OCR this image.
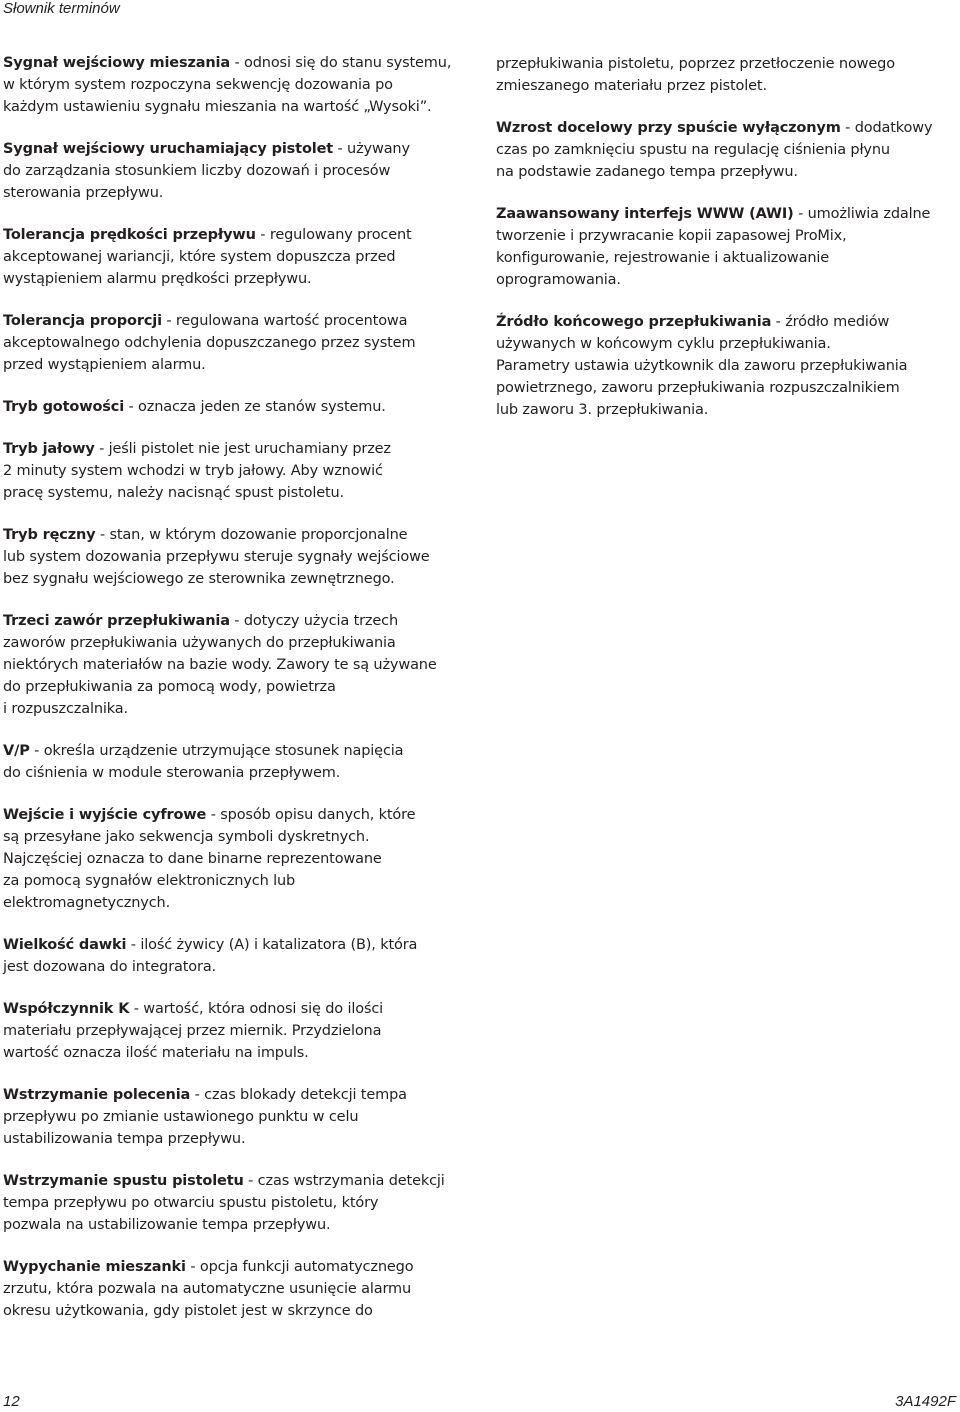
Słownik terminów

Sygnał wejściowy mieszania - odnosi się do stanu systemu,
w którym system rozpoczyna sekwencję dozowania po
każdym ustawieniu sygnału mieszania na wartość „Wysoki”.

Sygnał wejściowy uruchamiający pistolet - używany
do zarządzania stosunkiem liczby dozowań i procesów
sterowania przepływu.

Tolerancja prędkości przepływu - regulowany procent
akceptowanej wariancji, które system dopuszcza przed
wystąpieniem alarmu prędkości przepływu.

Tolerancja proporcji - regulowana wartość procentowa
akceptowalnego odchylenia dopuszczanego przez system
przed wystąpieniem alarmu.

Tryb gotowości - oznacza jeden ze stanów systemu.

Tryb jałowy - jeśli pistolet nie jest uruchamiany przez
2 minuty system wchodzi w tryb jałowy. Aby wznowić
pracę systemu, należy nacisnąć spust pistoletu.

Tryb ręczny - stan, w którym dozowanie proporcjonalne
lub system dozowania przepływu steruje sygnały wejściowe
bez sygnału wejściowego ze sterownika zewnętrznego.

Trzeci zawór przepłukiwania - dotyczy użycia trzech
zaworów przepłukiwania używanych do przepłukiwania
niektórych materiałów na bazie wody. Zawory te są używane
do przepłukiwania za pomocą wody, powietrza
i rozpuszczalnika.

V/P - określa urządzenie utrzymujące stosunek napięcia
do ciśnienia w module sterowania przepływem.

Wejście i wyjście cyfrowe - sposób opisu danych, które
są przesyłane jako sekwencja symboli dyskretnych.
Najczęściej oznacza to dane binarne reprezentowane
za pomocą sygnałów elektronicznych lub
elektromagnetycznych.

Wielkość dawki - ilość żywicy (A) i katalizatora (B), która
jest dozowana do integratora.

Współczynnik K - wartość, która odnosi się do ilości
materiału przepływającej przez miernik. Przydzielona
wartość oznacza ilość materiału na impuls.

Wstrzymanie polecenia - czas blokady detekcji tempa
przepływu po zmianie ustawionego punktu w celu
ustabilizowania tempa przepływu.

Wstrzymanie spustu pistoletu - czas wstrzymania detekcji
tempa przepływu po otwarciu spustu pistoletu, który
pozwala na ustabilizowanie tempa przepływu.

Wypychanie mieszanki - opcja funkcji automatycznego
zrzutu, która pozwala na automatyczne usunięcie alarmu
okresu użytkowania, gdy pistolet jest w skrzynce do

przepłukiwania pistoletu, poprzez przetłoczenie nowego
zmieszanego materiału przez pistolet.

Wzrost docelowy przy spuście wyłączonym - dodatkowy
czas po zamknięciu spustu na regulację ciśnienia płynu
na podstawie zadanego tempa przepływu.

Zaawansowany interfejs WWW (AWI) - umożliwia zdalne
tworzenie i przywracanie kopii zapasowej ProMix,
konfigurowanie, rejestrowanie i aktualizowanie
oprogramowania.

Źródło końcowego przepłukiwania - źródło mediów
używanych w końcowym cyklu przepłukiwania.
Parametry ustawia użytkownik dla zaworu przepłukiwania
powietrznego, zaworu przepłukiwania rozpuszczalnikiem
lub zaworu 3. przepłukiwania.

12	3A1492F
